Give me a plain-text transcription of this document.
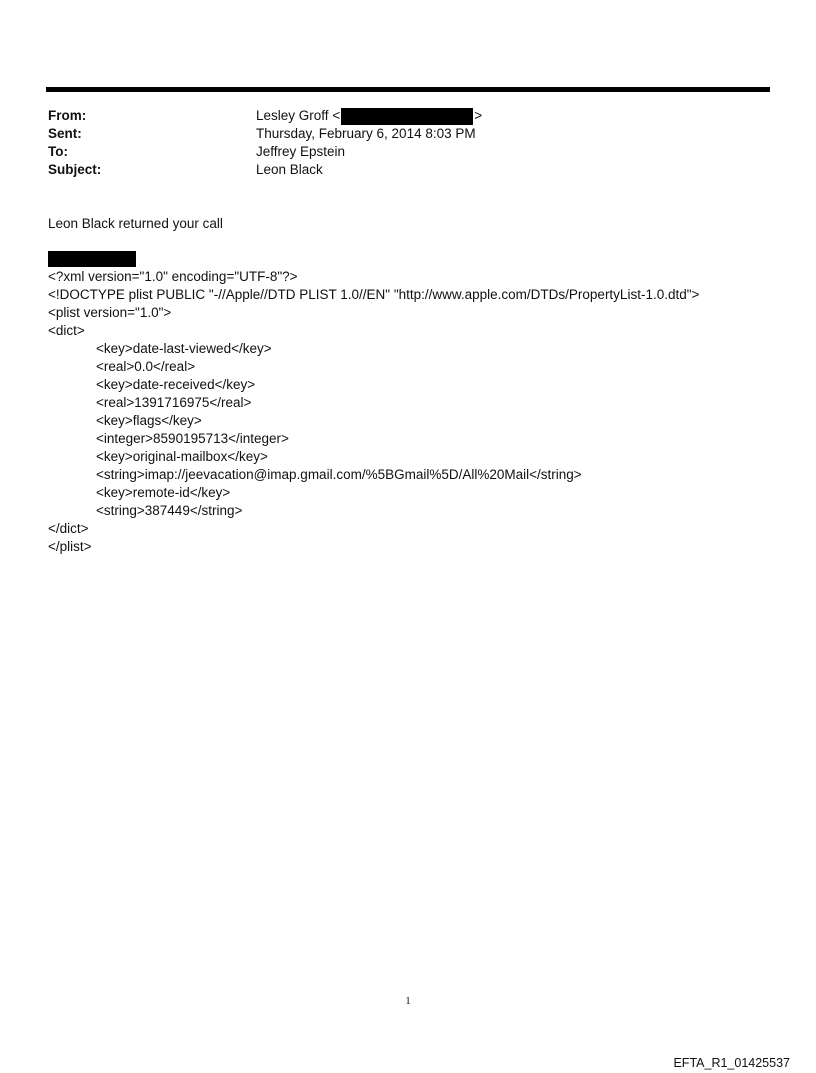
From:	Lesley Groff <	>
Sent:	Thursday, February 6, 2014 8:03 PM
To:	Jeffrey Epstein
Subject:	Leon Black
Leon Black returned your call
<?xml version="1.0" encoding="UTF-8"?>
<!DOCTYPE plist PUBLIC "-//Apple//DTD PLIST 1.0//EN" "http://www.apple.com/DTDs/PropertyList-1.0.dtd">
<plist version="1.0">
<dict>
<key>date-last-viewed</key>
<real>0.0</real>
<key>date-received</key>
<real>1391716975</real>
<key>flags</key>
<integer>8590195713</integer>
<key>original-mailbox</key>
<string>imap://jeevacation@imap.gmail.com/%5BGmail%5D/All%20Mail</string>
<key>remote-id</key>
<string>387449</string>
</dict>
</plist>
1
EFTA_R1_01425537
